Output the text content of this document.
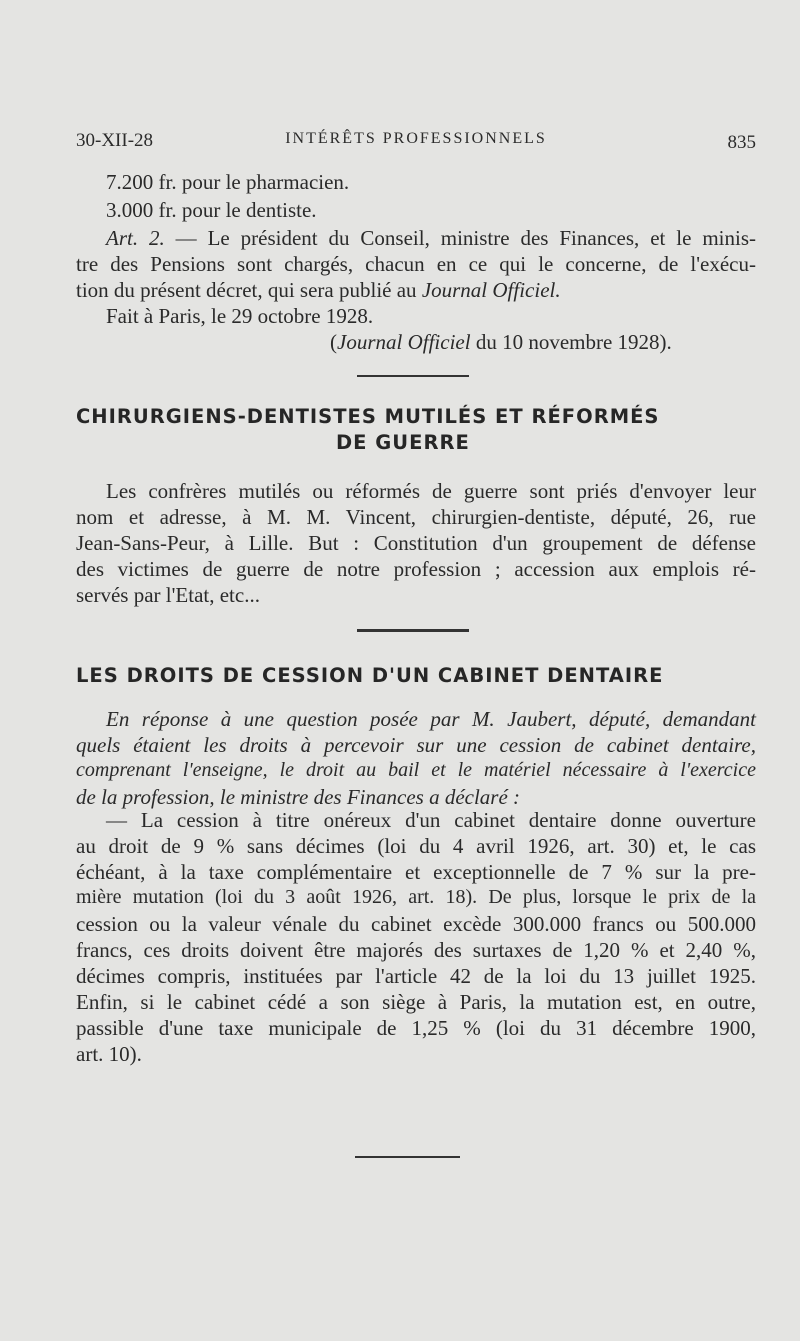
30-XII-28	INTÉRÊTS PROFESSIONNELS	835
7.200 fr. pour le pharmacien.
3.000 fr. pour le dentiste.
Art. 2. — Le président du Conseil, ministre des Finances, et le minis-
tre des Pensions sont chargés, chacun en ce qui le concerne, de l'exécu-
tion du présent décret, qui sera publié au Journal Officiel.
Fait à Paris, le 29 octobre 1928.
(Journal Officiel du 10 novembre 1928).
CHIRURGIENS-DENTISTES MUTILÉS ET RÉFORMÉS
DE GUERRE
Les confrères mutilés ou réformés de guerre sont priés d'envoyer leur
nom et adresse, à M. M. Vincent, chirurgien-dentiste, député, 26, rue
Jean-Sans-Peur, à Lille. But : Constitution d'un groupement de défense
des victimes de guerre de notre profession ; accession aux emplois ré-
servés par l'Etat, etc...
LES DROITS DE CESSION D'UN CABINET DENTAIRE
En réponse à une question posée par M. Jaubert, député, demandant
quels étaient les droits à percevoir sur une cession de cabinet dentaire,
comprenant l'enseigne, le droit au bail et le matériel nécessaire à l'exercice
de la profession, le ministre des Finances a déclaré :
— La cession à titre onéreux d'un cabinet dentaire donne ouverture
au droit de 9 % sans décimes (loi du 4 avril 1926, art. 30) et, le cas
échéant, à la taxe complémentaire et exceptionnelle de 7 % sur la pre-
mière mutation (loi du 3 août 1926, art. 18). De plus, lorsque le prix de la
cession ou la valeur vénale du cabinet excède 300.000 francs ou 500.000
francs, ces droits doivent être majorés des surtaxes de 1,20 % et 2,40 %,
décimes compris, instituées par l'article 42 de la loi du 13 juillet 1925.
Enfin, si le cabinet cédé a son siège à Paris, la mutation est, en outre,
passible d'une taxe municipale de 1,25 % (loi du 31 décembre 1900,
art. 10).
